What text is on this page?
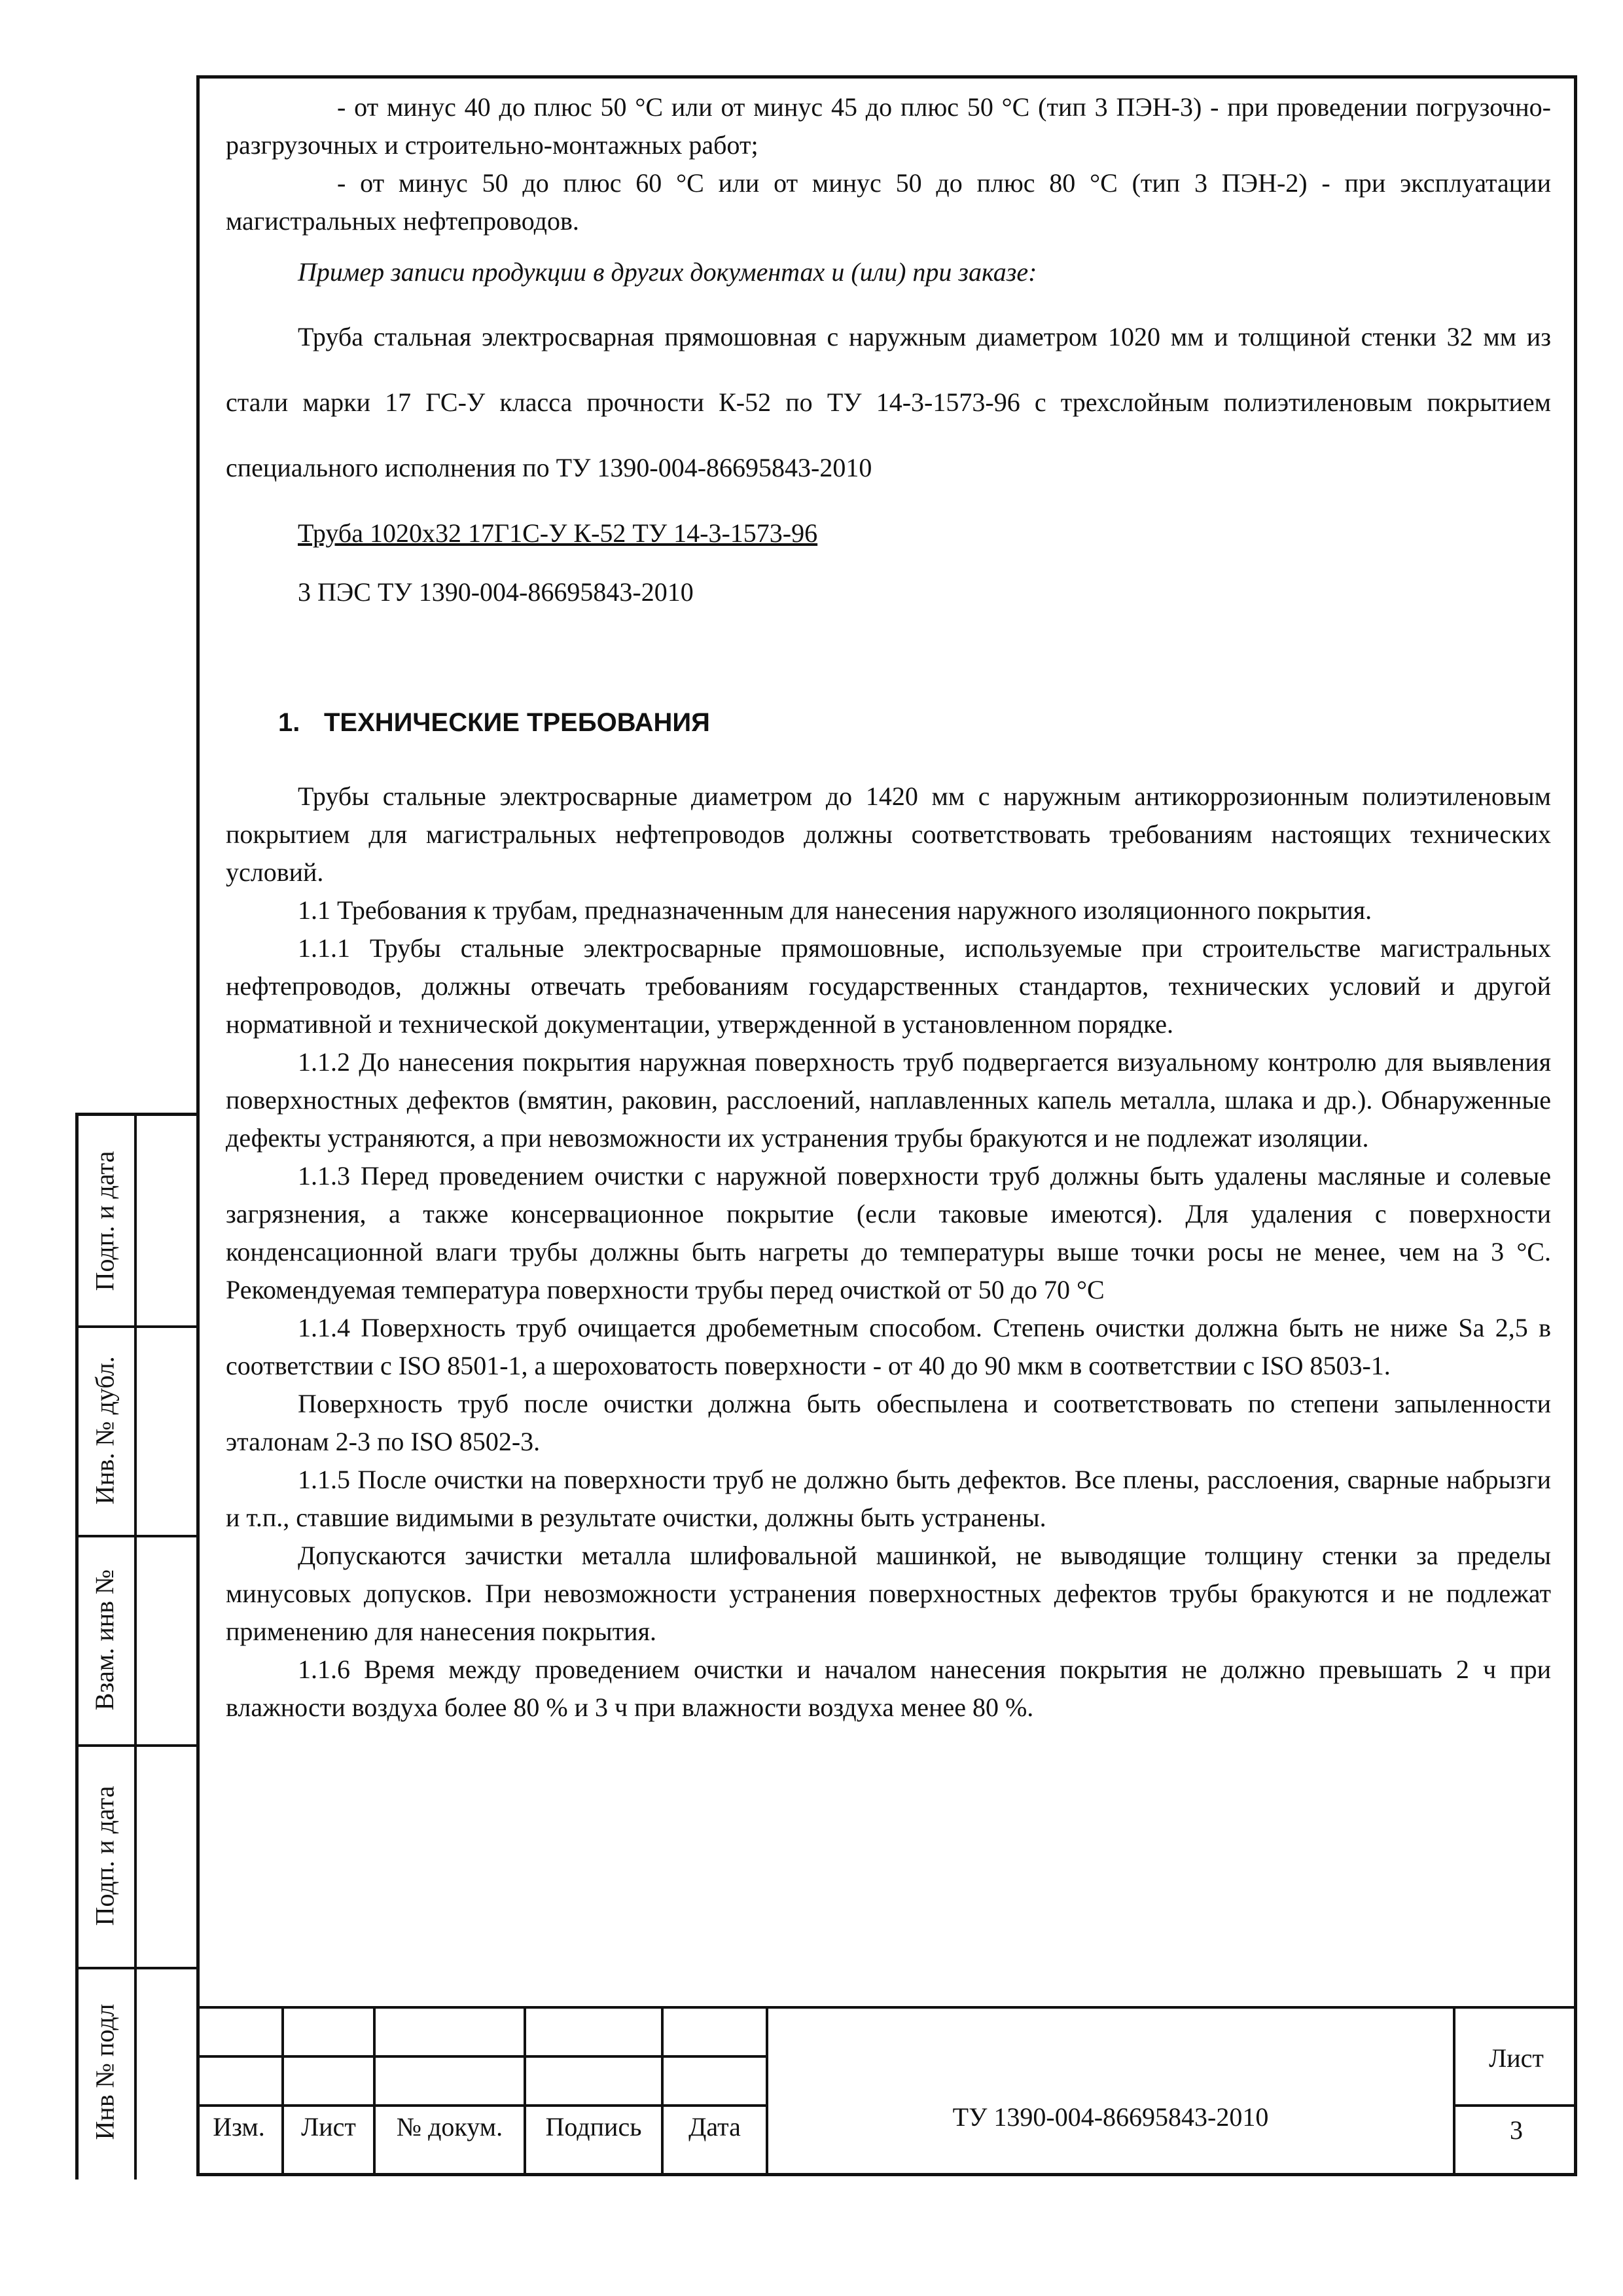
- от минус 40 до плюс 50 °С или от минус 45 до плюс 50 °С (тип 3 ПЭН-3) - при проведении погрузочно-разгрузочных и строительно-монтажных работ;

- от минус 50 до плюс 60 °С или от минус 50 до плюс 80 °С (тип 3 ПЭН-2) - при эксплуатации магистральных нефтепроводов.

Пример записи продукции в других документах и (или) при заказе:

Труба стальная электросварная прямошовная с наружным диаметром 1020 мм и толщиной стенки 32 мм из стали марки 17 ГС-У класса прочности К-52 по ТУ 14-3-1573-96 с трехслойным полиэтиленовым покрытием специального исполнения по ТУ 1390-004-86695843-2010

Труба 1020х32 17Г1С-У К-52 ТУ 14-3-1573-96

3 ПЭС ТУ 1390-004-86695843-2010

1. ТЕХНИЧЕСКИЕ ТРЕБОВАНИЯ

Трубы стальные электросварные диаметром до 1420 мм с наружным антикоррозионным полиэтиленовым покрытием для магистральных нефтепроводов должны соответствовать требованиям настоящих технических условий.

1.1 Требования к трубам, предназначенным для нанесения наружного изоляционного покрытия.

1.1.1 Трубы стальные электросварные прямошовные, используемые при строительстве магистральных нефтепроводов, должны отвечать требованиям государственных стандартов, технических условий и другой нормативной и технической документации, утвержденной в установленном порядке.

1.1.2 До нанесения покрытия наружная поверхность труб подвергается визуальному контролю для выявления поверхностных дефектов (вмятин, раковин, расслоений, наплавленных капель металла, шлака и др.). Обнаруженные дефекты устраняются, а при невозможности их устранения трубы бракуются и не подлежат изоляции.

1.1.3 Перед проведением очистки с наружной поверхности труб должны быть удалены масляные и солевые загрязнения, а также консервационное покрытие (если таковые имеются). Для удаления с поверхности конденсационной влаги трубы должны быть нагреты до температуры выше точки росы не менее, чем на 3 °С. Рекомендуемая температура поверхности трубы перед очисткой от 50 до 70 °С

1.1.4 Поверхность труб очищается дробеметным способом. Степень очистки должна быть не ниже Sa 2,5 в соответствии с ISO 8501-1, а шероховатость поверхности - от 40 до 90 мкм в соответствии с ISO 8503-1.

Поверхность труб после очистки должна быть обеспылена и соответствовать по степени запыленности эталонам 2-3 по ISO 8502-3.

1.1.5 После очистки на поверхности труб не должно быть дефектов. Все плены, расслоения, сварные набрызги и т.п., ставшие видимыми в результате очистки, должны быть устранены.

Допускаются зачистки металла шлифовальной машинкой, не выводящие толщину стенки за пределы минусовых допусков. При невозможности устранения поверхностных дефектов трубы бракуются и не подлежат применению для нанесения покрытия.

1.1.6 Время между проведением очистки и началом нанесения покрытия не должно превышать 2 ч при влажности воздуха более 80 % и 3 ч при влажности воздуха менее 80 %.

Подп. и дата
Инв. № дубл.
Взам. инв №
Подп. и дата
Инв № подл	Изм.	Лист	№ докум.	Подпись	Дата	ТУ 1390-004-86695843-2010
Лист
3
